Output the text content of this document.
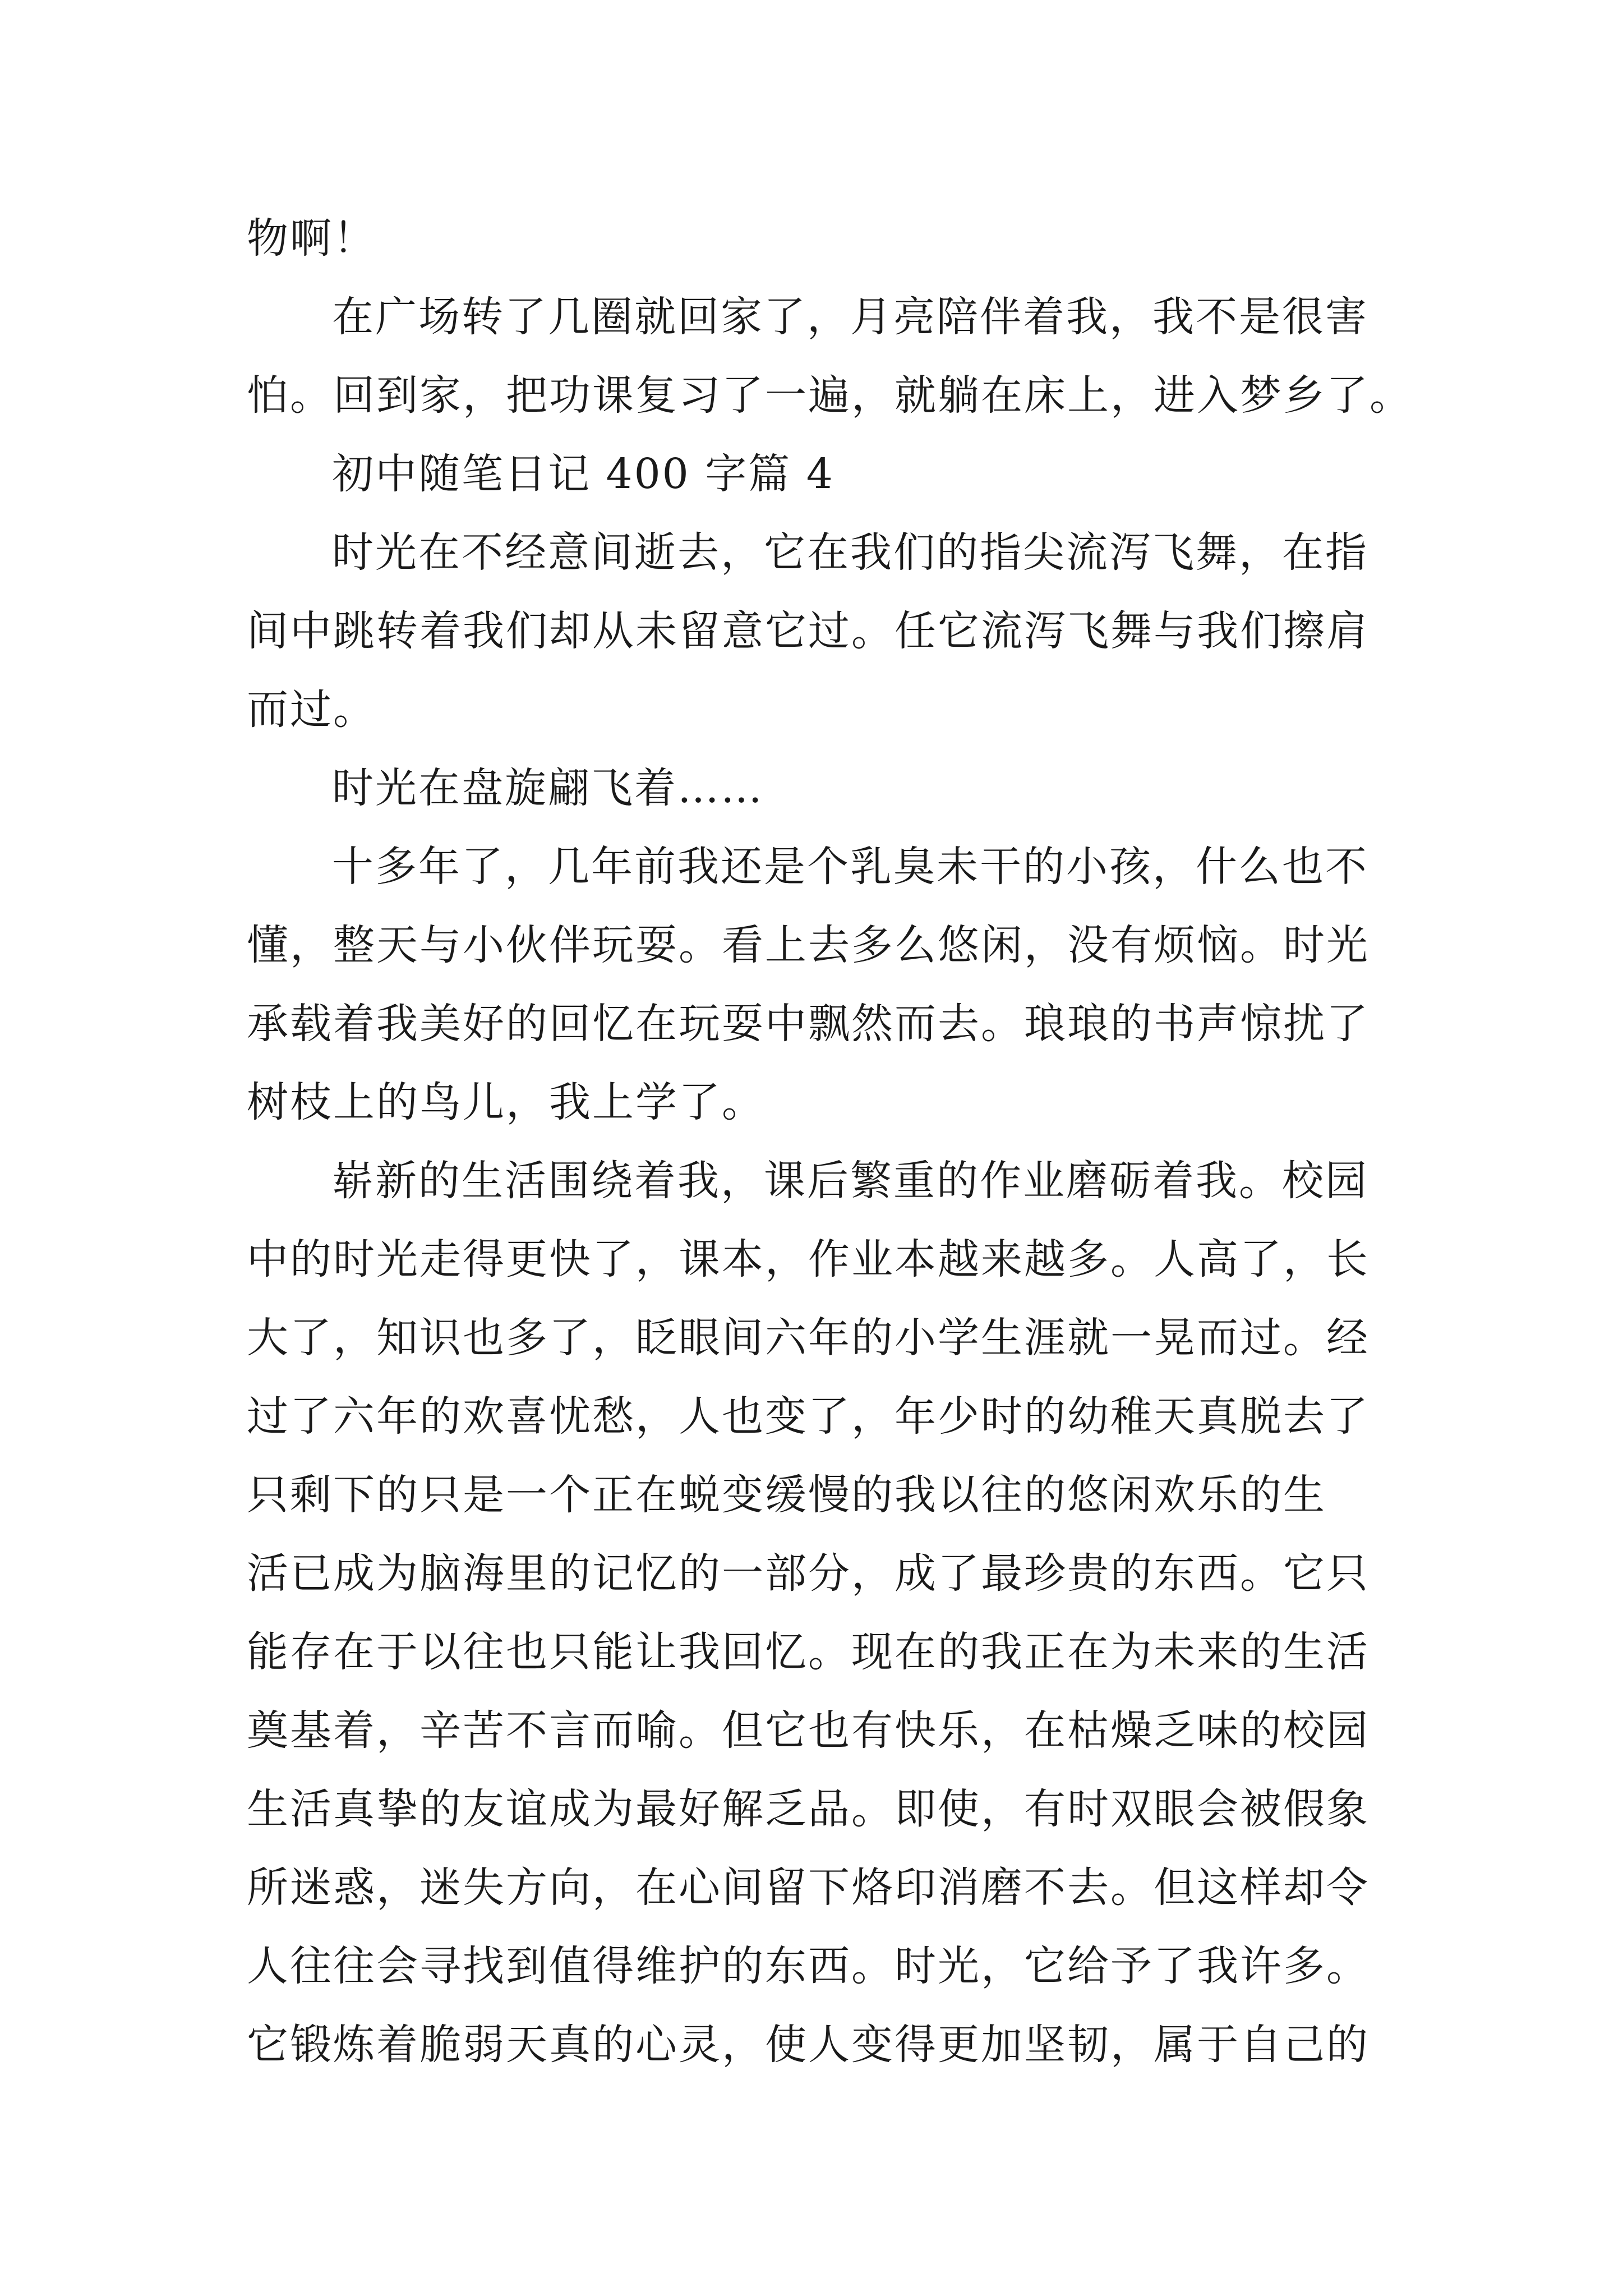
物啊！

在广场转了几圈就回家了，月亮陪伴着我，我不是很害

怕。回到家，把功课复习了一遍，就躺在床上，进入梦乡了。

初中随笔日记 400 字篇 4

时光在不经意间逝去，它在我们的指尖流泻飞舞，在指

间中跳转着我们却从未留意它过。任它流泻飞舞与我们擦肩

而过。

时光在盘旋翩飞着……

十多年了，几年前我还是个乳臭未干的小孩，什么也不

懂，整天与小伙伴玩耍。看上去多么悠闲，没有烦恼。时光

承载着我美好的回忆在玩耍中飘然而去。琅琅的书声惊扰了

树枝上的鸟儿，我上学了。

崭新的生活围绕着我，课后繁重的作业磨砺着我。校园

中的时光走得更快了，课本，作业本越来越多。人高了，长

大了，知识也多了，眨眼间六年的小学生涯就一晃而过。经

过了六年的欢喜忧愁，人也变了，年少时的幼稚天真脱去了

只剩下的只是一个正在蜕变缓慢的我以往的悠闲欢乐的生

活已成为脑海里的记忆的一部分，成了最珍贵的东西。它只

能存在于以往也只能让我回忆。现在的我正在为未来的生活

奠基着，辛苦不言而喻。但它也有快乐，在枯燥乏味的校园

生活真挚的友谊成为最好解乏品。即使，有时双眼会被假象

所迷惑，迷失方向，在心间留下烙印消磨不去。但这样却令

人往往会寻找到值得维护的东西。时光，它给予了我许多。

它锻炼着脆弱天真的心灵，使人变得更加坚韧，属于自己的
